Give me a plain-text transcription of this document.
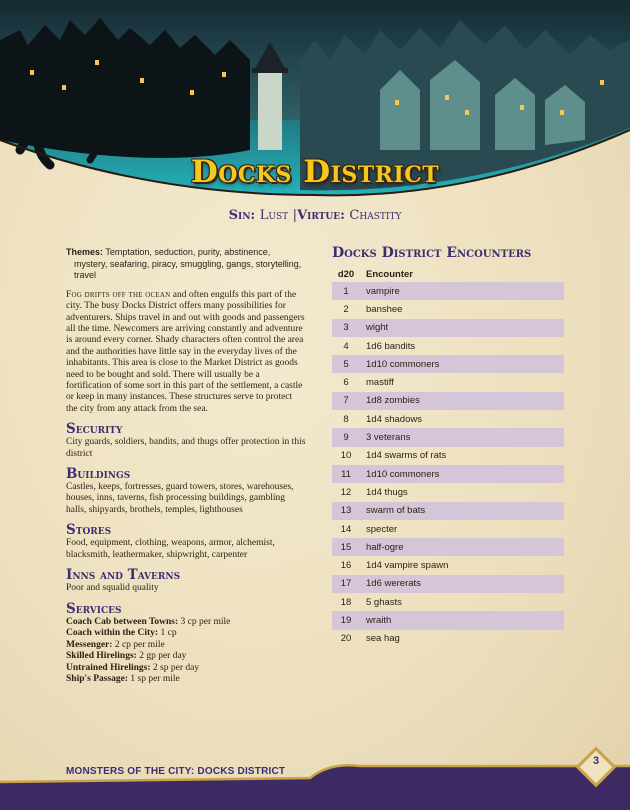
Docks District
Sin: Lust |Virtue: Chastity
Themes: Temptation, seduction, purity, abstinence, mystery, seafaring, piracy, smuggling, gangs, storytelling, travel
Fog drifts off the ocean and often engulfs this part of the city. The busy Docks District offers many possibilities for adventurers. Ships travel in and out with goods and passengers all the time. Newcomers are arriving constantly and adventure is around every corner. Shady characters often control the area and the authorities have little say in the everyday lives of the inhabitants. This area is close to the Market District as goods need to be bought and sold. There will usually be a fortification of some sort in this part of the settlement, a castle or keep in many instances. These structures serve to protect the city from any attack from the sea.
Security
City guards, soldiers, bandits, and thugs offer protection in this district
Buildings
Castles, keeps, fortresses, guard towers, stores, warehouses, houses, inns, taverns, fish processing buildings, gambling halls, shipyards, brothels, temples, lighthouses
Stores
Food, equipment, clothing, weapons, armor, alchemist, blacksmith, leathermaker, shipwright, carpenter
Inns and Taverns
Poor and squalid quality
Services
Coach Cab between Towns: 3 cp per mile
Coach within the City: 1 cp
Messenger: 2 cp per mile
Skilled Hirelings: 2 gp per day
Untrained Hirelings: 2 sp per day
Ship's Passage: 1 sp per mile
Docks District Encounters
d20	Encounter
1	vampire
2	banshee
3	wight
4	1d6 bandits
5	1d10 commoners
6	mastiff
7	1d8 zombies
8	1d4 shadows
9	3 veterans
10	1d4 swarms of rats
11	1d10 commoners
12	1d4 thugs
13	swarm of bats
14	specter
15	half-ogre
16	1d4 vampire spawn
17	1d6 wererats
18	5 ghasts
19	wraith
20	sea hag
MONSTERS OF THE CITY: DOCKS DISTRICT
3
